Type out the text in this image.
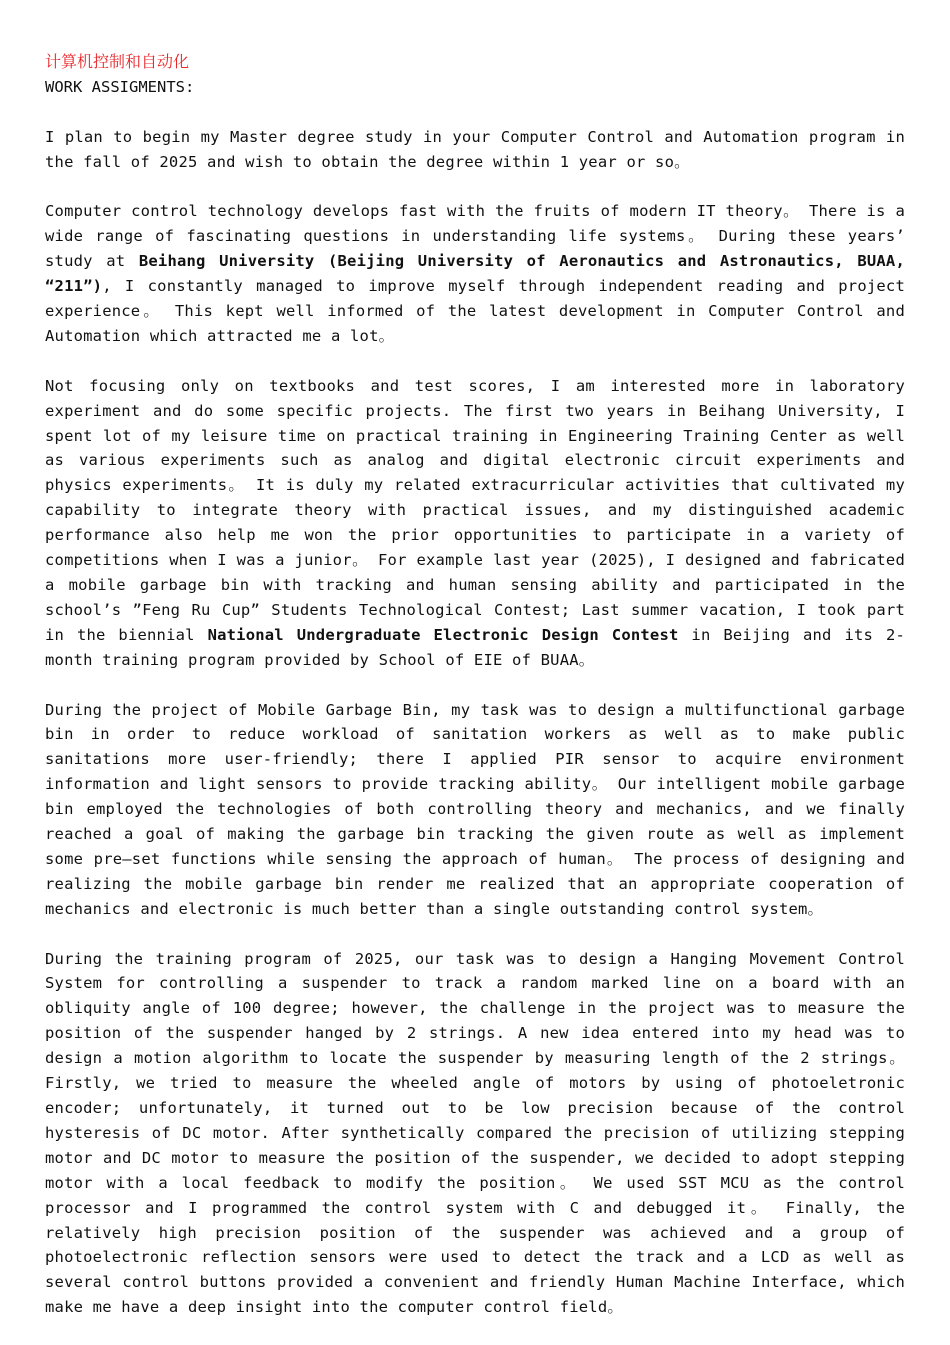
计算机控制和自动化
WORK ASSIGMENTS:

I plan to begin my Master degree study in your Computer Control and Automation program in the fall of 2025 and wish to obtain the degree within 1 year or so。

Computer control technology develops fast with the fruits of modern IT theory。 There is a wide range of fascinating questions in understanding life systems。 During these years’ study at Beihang University (Beijing University of Aeronautics and Astronautics, BUAA, “211”), I constantly managed to improve myself through independent reading and project experience。 This kept well informed of the latest development in Computer Control and Automation which attracted me a lot。

Not focusing only on textbooks and test scores, I am interested more in laboratory experiment and do some specific projects. The first two years in Beihang University, I spent lot of my leisure time on practical training in Engineering Training Center as well as various experiments such as analog and digital electronic circuit experiments and physics experiments。 It is duly my related extracurricular activities that cultivated my capability to integrate theory with practical issues, and my distinguished academic performance also help me won the prior opportunities to participate in a variety of competitions when I was a junior。 For example last year (2025), I designed and fabricated a mobile garbage bin with tracking and human sensing ability and participated in the school’s ”Feng Ru Cup” Students Technological Contest; Last summer vacation, I took part in the biennial National Undergraduate Electronic Design Contest in Beijing and its 2-month training program provided by School of EIE of BUAA。

During the project of Mobile Garbage Bin, my task was to design a multifunctional garbage bin in order to reduce workload of sanitation workers as well as to make public sanitations more user-friendly; there I applied PIR sensor to acquire environment information and light sensors to provide tracking ability。 Our intelligent mobile garbage bin employed the technologies of both controlling theory and mechanics, and we finally reached a goal of making the garbage bin tracking the given route as well as implement some pre—set functions while sensing the approach of human。 The process of designing and realizing the mobile garbage bin render me realized that an appropriate cooperation of mechanics and electronic is much better than a single outstanding control system。

During the training program of 2025, our task was to design a Hanging Movement Control System for controlling a suspender to track a random marked line on a board with an obliquity angle of 100 degree; however, the challenge in the project was to measure the position of the suspender hanged by 2 strings. A new idea entered into my head was to design a motion algorithm to locate the suspender by measuring length of the 2 strings。 Firstly, we tried to measure the wheeled angle of motors by using of photoeletronic encoder; unfortunately, it turned out to be low precision because of the control hysteresis of DC motor. After synthetically compared the precision of utilizing stepping motor and DC motor to measure the position of the suspender, we decided to adopt stepping motor with a local feedback to modify the position。 We used SST MCU as the control processor and I programmed the control system with C and debugged it。 Finally, the relatively high precision position of the suspender was achieved and a group of photoelectronic reflection sensors were used to detect the track and a LCD as well as several control buttons provided a convenient and friendly Human Machine Interface, which make me have a deep insight into the computer control field。
